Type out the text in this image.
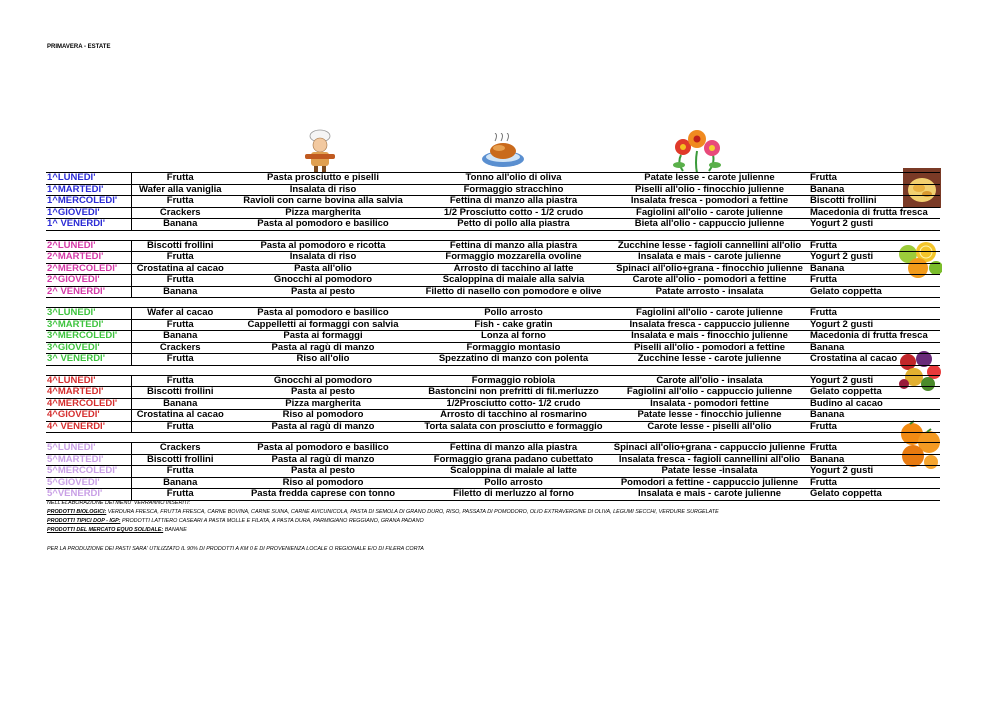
PRIMAVERA - ESTATE
1^LUNEDI'	Frutta	Pasta prosciutto e piselli	Tonno all'olio di oliva	Patate lesse - carote julienne	Frutta
1^MARTEDI'	Wafer alla vaniglia	Insalata di riso	Formaggio stracchino	Piselli all'olio - finocchio julienne	Banana
1^MERCOLEDI'	Frutta	Ravioli con carne bovina alla salvia	Fettina di manzo alla piastra	Insalata fresca - pomodori a fettine	Biscotti frollini
1^GIOVEDI'	Crackers	Pizza margherita	1/2 Prosciutto cotto - 1/2 crudo	Fagiolini all'olio - carote julienne	Macedonia di frutta fresca
1^ VENERDI'	Banana	Pasta al pomodoro e basilico	Petto di pollo alla piastra	Bieta all'olio - cappuccio julienne	Yogurt 2 gusti

2^LUNEDI'	Biscotti frollini	Pasta al pomodoro e ricotta	Fettina di manzo alla piastra	Zucchine lesse - fagioli cannellini all'olio	Frutta
2^MARTEDI'	Frutta	Insalata di riso	Formaggio mozzarella ovoline	Insalata e mais - carote julienne	Yogurt 2 gusti
2^MERCOLEDI'	Crostatina al cacao	Pasta all'olio	Arrosto di tacchino al latte	Spinaci all'olio+grana - finocchio julienne	Banana
2^GIOVEDI'	Frutta	Gnocchi al pomodoro	Scaloppina di maiale alla salvia	Carote all'olio - pomodori a fettine	Frutta
2^ VENERDI'	Banana	Pasta al pesto	Filetto di nasello con pomodore e olive	Patate arrosto - insalata	Gelato coppetta

3^LUNEDI'	Wafer al cacao	Pasta al pomodoro e basilico	Pollo arrosto	Fagiolini all'olio - carote julienne	Frutta
3^MARTEDI'	Frutta	Cappelletti ai formaggi con salvia	Fish - cake gratin	Insalata fresca - cappuccio julienne	Yogurt 2 gusti
3^MERCOLEDI'	Banana	Pasta ai formaggi	Lonza al forno	Insalata e mais - finocchio julienne	Macedonia di frutta fresca
3^GIOVEDI'	Crackers	Pasta al ragù di manzo	Formaggio montasio	Piselli all'olio - pomodori a fettine	Banana
3^ VENERDI'	Frutta	Riso all'olio	Spezzatino di manzo con polenta	Zucchine lesse - carote julienne	Crostatina al cacao

4^LUNEDI'	Frutta	Gnocchi al pomodoro	Formaggio robiola	Carote all'olio - insalata	Yogurt 2 gusti
4^MARTEDI'	Biscotti frollini	Pasta al pesto	Bastoncini non prefritti di fil.merluzzo	Fagiolini all'olio - cappuccio julienne	Gelato coppetta
4^MERCOLEDI'	Banana	Pizza margherita	1/2Prosciutto cotto- 1/2 crudo	Insalata - pomodori fettine	Budino al cacao
4^GIOVEDI'	Crostatina al cacao	Riso al pomodoro	Arrosto di tacchino al rosmarino	Patate lesse - finocchio julienne	Banana
4^ VENERDI'	Frutta	Pasta al ragù di manzo	Torta salata con prosciutto e formaggio	Carote lesse - piselli all'olio	Frutta

5^LUNEDI'	Crackers	Pasta al pomodoro e basilico	Fettina di manzo alla piastra	Spinaci all'olio+grana - cappuccio julienne	Frutta
5^MARTEDI'	Biscotti frollini	Pasta al ragù di manzo	Formaggio grana padano cubettato	Insalata fresca - fagioli cannellini all'olio	Banana
5^MERCOLEDI'	Frutta	Pasta al pesto	Scaloppina di maiale al latte	Patate lesse -insalata	Yogurt 2 gusti
5^GIOVEDI'	Banana	Riso al pomodoro	Pollo arrosto	Pomodori a fettine - cappuccio julienne	Frutta
5^VENERDI'	Frutta	Pasta fredda caprese con tonno	Filetto di merluzzo al forno	Insalata e mais - carote julienne	Gelato coppetta
NELL'ELABORAZIONE DEI MENU' VERRANNO INSERITI:
PRODOTTI BIOLOGICI: VERDURA FRESCA, FRUTTA FRESCA, CARNE BOVINA, CARNE SUINA, CARNE AVICUNICOLA, PASTA DI SEMOLA DI GRANO DURO, RISO, PASSATA DI POMODORO, OLIO EXTRAVERGINE DI OLIVA, LEGUMI SECCHI, VERDURE SURGELATE
PRODOTTI TIPICI DOP - IGP: PRODOTTI LATTIERO CASEARI A PASTA MOLLE E FILATA, A PASTA DURA, PARMIGIANO REGGIANO, GRANA PADANO
PRODOTTI DEL MERCATO EQUO SOLIDALE: BANANE
PER LA PRODUZIONE DEI PASTI SARA' UTILIZZATO IL 90% DI PRODOTTI A KM 0 E DI PROVENIENZA LOCALE O REGIONALE E/O DI FILERA CORTA
